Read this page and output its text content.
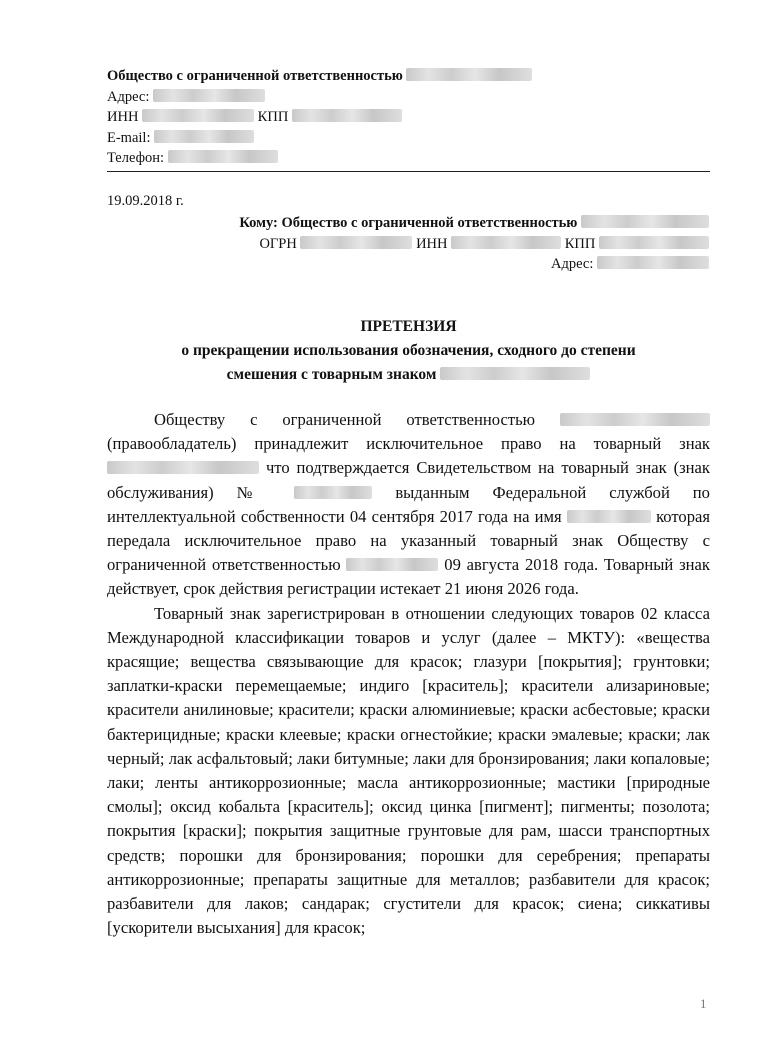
Общество с ограниченной ответственностью
Адрес:
ИНН	КПП
E-mail:
Телефон:
19.09.2018 г.
Кому: Общество с ограниченной ответственностью
ОГРН	ИНН	КПП
Адрес:
ПРЕТЕНЗИЯ
о прекращении использования обозначения, сходного до степени
смешения с товарным знаком

Обществу с ограниченной ответственностью  (правообладатель) принадлежит исключительное право на товарный знак  что подтверждается Свидетельством на товарный знак (знак обслуживания) №	выданным Федеральной службой по интеллектуальной собственности 04 сентября 2017 года на имя	которая передала исключительное право на указанный товарный знак Обществу с ограниченной ответственностью	09 августа 2018 года. Товарный знак действует, срок действия регистрации истекает 21 июня 2026 года.

Товарный знак зарегистрирован в отношении следующих товаров 02 класса Международной классификации товаров и услуг (далее – МКТУ): «вещества красящие; вещества связывающие для красок; глазури [покрытия]; грунтовки; заплатки-краски перемещаемые; индиго [краситель]; красители ализариновые; красители анилиновые; красители; краски алюминиевые; краски асбестовые; краски бактерицидные; краски клеевые; краски огнестойкие; краски эмалевые; краски; лак черный; лак асфальтовый; лаки битумные; лаки для бронзирования; лаки копаловые; лаки; ленты антикоррозионные; масла антикоррозионные; мастики [природные смолы]; оксид кобальта [краситель]; оксид цинка [пигмент]; пигменты; позолота; покрытия [краски]; покрытия защитные грунтовые для рам, шасси транспортных средств; порошки для бронзирования; порошки для серебрения; препараты антикоррозионные; препараты защитные для металлов; разбавители для красок; разбавители для лаков; сандарак; сгустители для красок; сиена; сиккативы [ускорители высыхания] для красок;

1
